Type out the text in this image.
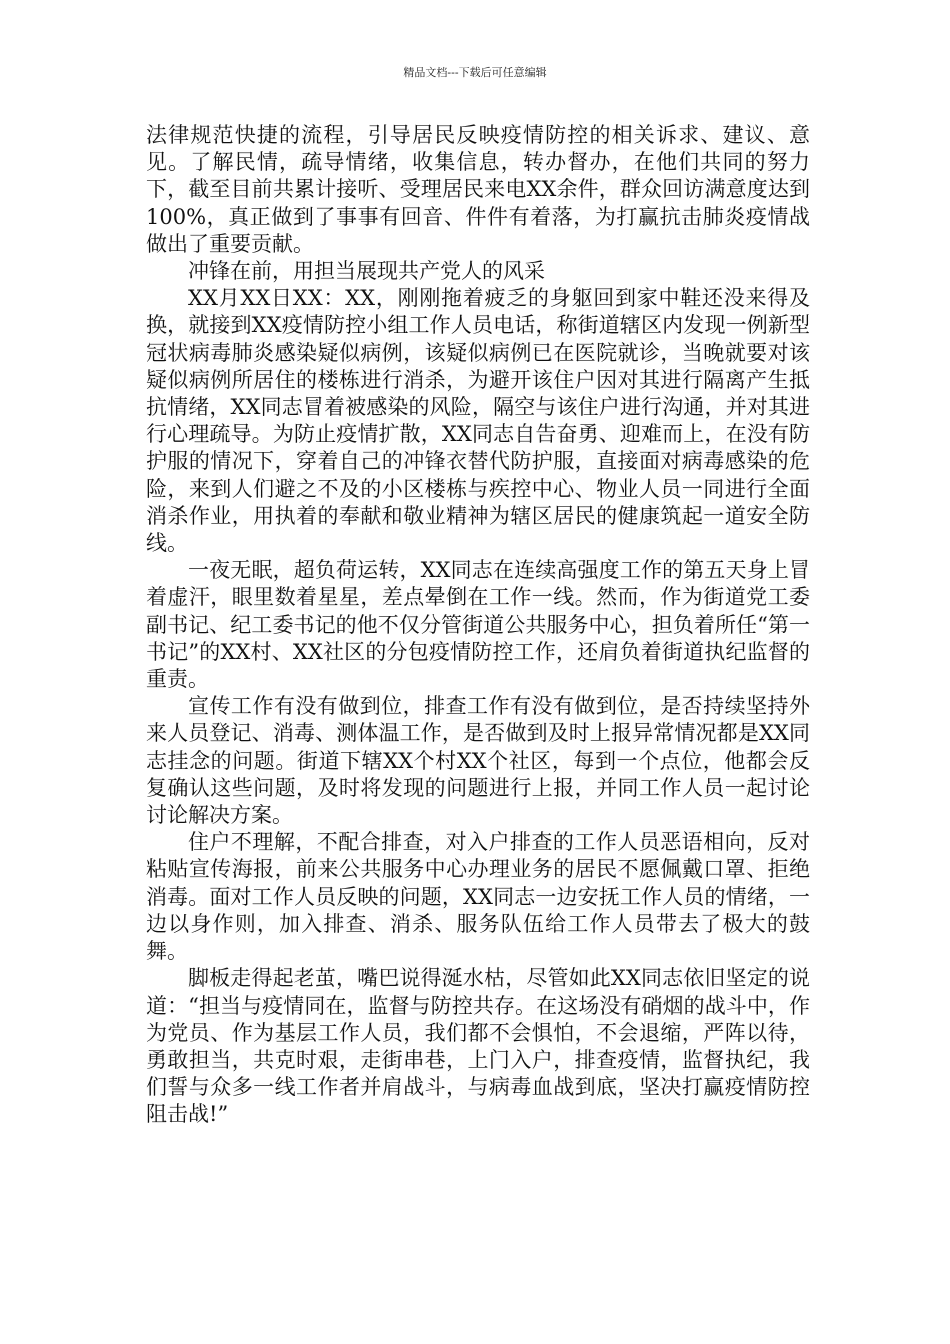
精品文档---下载后可任意编辑

法律规范快捷的流程，引导居民反映疫情防控的相关诉求、建议、意见。了解民情，疏导情绪，收集信息，转办督办，在他们共同的努力下，截至目前共累计接听、受理居民来电XX余件，群众回访满意度达到100%，真正做到了事事有回音、件件有着落，为打赢抗击肺炎疫情战做出了重要贡献。

冲锋在前，用担当展现共产党人的风采

XX月XX日XX：XX，刚刚拖着疲乏的身躯回到家中鞋还没来得及换，就接到XX疫情防控小组工作人员电话，称街道辖区内发现一例新型冠状病毒肺炎感染疑似病例，该疑似病例已在医院就诊，当晚就要对该疑似病例所居住的楼栋进行消杀，为避开该住户因对其进行隔离产生抵抗情绪，XX同志冒着被感染的风险，隔空与该住户进行沟通，并对其进行心理疏导。为防止疫情扩散，XX同志自告奋勇、迎难而上，在没有防护服的情况下，穿着自己的冲锋衣替代防护服，直接面对病毒感染的危险，来到人们避之不及的小区楼栋与疾控中心、物业人员一同进行全面消杀作业，用执着的奉献和敬业精神为辖区居民的健康筑起一道安全防线。

一夜无眠，超负荷运转，XX同志在连续高强度工作的第五天身上冒着虚汗，眼里数着星星，差点晕倒在工作一线。然而，作为街道党工委副书记、纪工委书记的他不仅分管街道公共服务中心，担负着所任“第一书记”的XX村、XX社区的分包疫情防控工作，还肩负着街道执纪监督的重责。

宣传工作有没有做到位，排查工作有没有做到位，是否持续坚持外来人员登记、消毒、测体温工作，是否做到及时上报异常情况都是XX同志挂念的问题。街道下辖XX个村XX个社区，每到一个点位，他都会反复确认这些问题，及时将发现的问题进行上报，并同工作人员一起讨论讨论解决方案。

住户不理解，不配合排查，对入户排查的工作人员恶语相向，反对粘贴宣传海报，前来公共服务中心办理业务的居民不愿佩戴口罩、拒绝消毒。面对工作人员反映的问题，XX同志一边安抚工作人员的情绪，一边以身作则，加入排查、消杀、服务队伍给工作人员带去了极大的鼓舞。

脚板走得起老茧，嘴巴说得涎水枯，尽管如此XX同志依旧坚定的说道：“担当与疫情同在，监督与防控共存。在这场没有硝烟的战斗中，作为党员、作为基层工作人员，我们都不会惧怕，不会退缩，严阵以待，勇敢担当，共克时艰，走街串巷，上门入户，排查疫情，监督执纪，我们誓与众多一线工作者并肩战斗，与病毒血战到底，坚决打赢疫情防控阻击战!”
